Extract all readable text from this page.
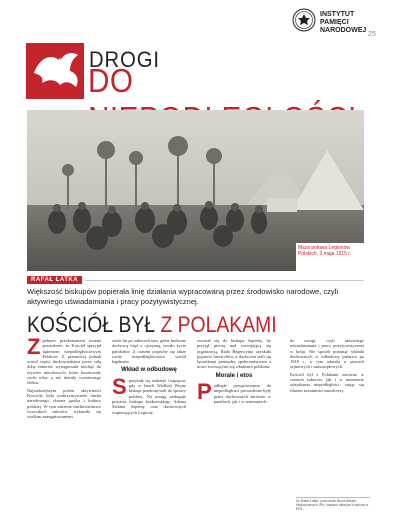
DROGI
DO
INSTYTUT
PAMIĘCI
NARODOWEJ
25
Msza polowa Legionów Polskich, 3 maja 1915 r.
RAFAŁ ŁATKA
Większość biskupów popierała linię działania wypracowaną przez środowisko narodowe, czyli aktywnego uświadamiania i pracy pozytywistycznej.
KOŚCIÓŁ BYŁ Z POLAKAMI

Zpełnym przekonaniem można powiedzieć, że Kościół sprzyjał dążeniom niepodległościowym Polaków. Z pewnością jednak wśród części duchowieństwa przez całą dobę zaborów występowała niechęć do zrywów narodowych, które kosztowały wiele ofiar, a nie dawały wymiernego efektu.

Najważniejszym polem aktywności Kościoła była podtrzymywanie ducha narodowego, obrona języka i kultury polskiej. W tym zakresie duchowieństwo wszystkich zaborów wykazało się wielkim zaangażowaniem.

wiele lat po zaborach tam, gdzie budzono duchową więź z ojczyzną, trwało życie parafialne. Z czasem pojawiły się także ruchy niepodległościowe wśród kapłanów.

Wkład w odbudowę

Spotykały się nadzieje i napięcia, gdy w latach Wielkiej Wojny biskupi przekonywali do sprawy polskiej. Na uwagę zasługuje postawa biskupa krakowskiego Adama Stefana Sapiehy oraz duchownych wspierających Legiony.

zwracał się do biskupa Sapiehy, by przyjął pieczę nad rozwijającą się organizacją. Rada Regencyjna uzyskała poparcie hierarchów, a duchowni stali się łącznikami pomiędzy społeczeństwem a nowo tworzącymi się władzami polskimi.

Morale i etos

Podległe przygotowania do niepodległości prowadzone były przez duchownych zarówno w parafiach, jak i w seminariach.

do uwagi, czyli aktywnego uświadamiania i pracy pozytywistycznej w kraju. Nie sposób pominąć wkładu duchownych w odbudowę państwa po 1918 r., w tym udziału w pracach sejmowych i samorządowych.

Kościół był z Polakami zarówno w czasach zaborów, jak i w momencie odzyskania niepodległości, stając się filarem tożsamości narodowej.

Dr Rafał Łatka, pracownik Biura Badań Historycznych IPN, badacz dziejów Kościoła w PRL.
